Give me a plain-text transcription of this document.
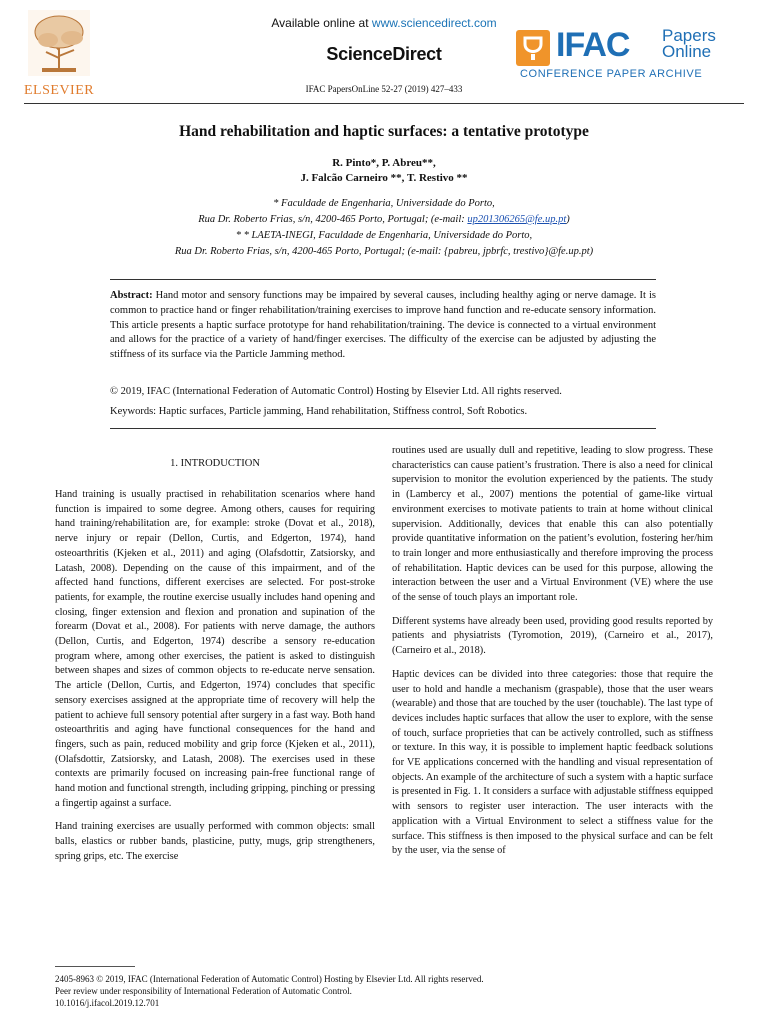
ELSEVIER
Available online at www.sciencedirect.com
ScienceDirect
IFAC PapersOnLine 52-27 (2019) 427–433
IFAC Papers
Online
CONFERENCE PAPER ARCHIVE
Hand rehabilitation and haptic surfaces: a tentative prototype
R. Pinto*, P. Abreu**,
J. Falcão Carneiro **, T. Restivo **
* Faculdade de Engenharia, Universidade do Porto,
Rua Dr. Roberto Frias, s/n, 4200-465 Porto, Portugal; (e-mail: up201306265@fe.up.pt)
* * LAETA-INEGI, Faculdade de Engenharia, Universidade do Porto,
Rua Dr. Roberto Frias, s/n, 4200-465 Porto, Portugal; (e-mail: {pabreu, jpbrfc, trestivo}@fe.up.pt)
Abstract: Hand motor and sensory functions may be impaired by several causes, including healthy aging or nerve damage. It is common to practice hand or finger rehabilitation/training exercises to improve hand function and re-educate sensory information. This article presents a haptic surface prototype for hand rehabilitation/training. The device is connected to a virtual environment and allows for the practice of a variety of hand/finger exercises. The difficulty of the exercise can be adjusted by adjusting the stiffness of its surface via the Particle Jamming method.
© 2019, IFAC (International Federation of Automatic Control) Hosting by Elsevier Ltd. All rights reserved.
Keywords: Haptic surfaces, Particle jamming, Hand rehabilitation, Stiffness control, Soft Robotics.
1. INTRODUCTION

Hand training is usually practised in rehabilitation scenarios where hand function is impaired to some degree. Among others, causes for requiring hand training/rehabilitation are, for example: stroke (Dovat et al., 2018), nerve injury or repair (Dellon, Curtis, and Edgerton, 1974), hand osteoarthritis (Kjeken et al., 2011) and aging (Olafsdottir, Zatsiorsky, and Latash, 2008). Depending on the cause of this impairment, and of the affected hand functions, different exercises are selected. For post-stroke patients, for example, the routine exercise usually includes hand opening and closing, finger extension and flexion and pronation and supination of the forearm (Dovat et al., 2008). For patients with nerve damage, the authors (Dellon, Curtis, and Edgerton, 1974) describe a sensory re-education program where, among other exercises, the patient is asked to distinguish between shapes and sizes of common objects to re-educate nerve sensation. The article (Dellon, Curtis, and Edgerton, 1974) concludes that specific sensory exercises assigned at the appropriate time of recovery will help the patient to achieve full sensory potential after surgery in a fast way. Both hand osteoarthritis and aging have functional consequences for the hand and fingers, such as pain, reduced mobility and grip force (Kjeken et al., 2011), (Olafsdottir, Zatsiorsky, and Latash, 2008). The exercises used in these contexts are primarily focused on increasing pain-free functional range of hand motion and functional strength, including gripping, pinching or pressing a fingertip against a surface.

Hand training exercises are usually performed with common objects: small balls, elastics or rubber bands, plasticine, putty, mugs, grip strengtheners, spring grips, etc. The exercise

routines used are usually dull and repetitive, leading to slow progress. These characteristics can cause patient’s frustration. There is also a need for clinical supervision to monitor the evolution experienced by the patients. The study in (Lambercy et al., 2007) mentions the potential of game-like virtual environment exercises to motivate patients to train at home without clinical supervision. Additionally, devices that enable this can also potentially provide quantitative information on the patient’s evolution, fostering her/him to train longer and more enthusiastically and therefore improving the process of rehabilitation. Haptic devices can be used for this purpose, allowing the interaction between the user and a Virtual Environment (VE) where the use of the sense of touch plays an important role.

Different systems have already been used, providing good results reported by patients and physiatrists (Tyromotion, 2019), (Carneiro et al., 2017), (Carneiro et al., 2018).

Haptic devices can be divided into three categories: those that require the user to hold and handle a mechanism (graspable), those that the user wears (wearable) and those that are touched by the user (touchable). The last type of devices includes haptic surfaces that allow the user to explore, with the sense of touch, surface proprieties that can be actively controlled, such as stiffness or texture. In this way, it is possible to implement haptic feedback solutions for VE applications concerned with the handling and visual representation of objects. An example of the architecture of such a system with a haptic surface is presented in Fig. 1. It considers a surface with adjustable stiffness equipped with sensors to register user interaction. The user interacts with the application with a Virtual Environment to select a stiffness value for the surface. This stiffness is then imposed to the physical surface and can be felt by the user, via the sense of

2405-8963 © 2019, IFAC (International Federation of Automatic Control) Hosting by Elsevier Ltd. All rights reserved.
Peer review under responsibility of International Federation of Automatic Control.
10.1016/j.ifacol.2019.12.701
